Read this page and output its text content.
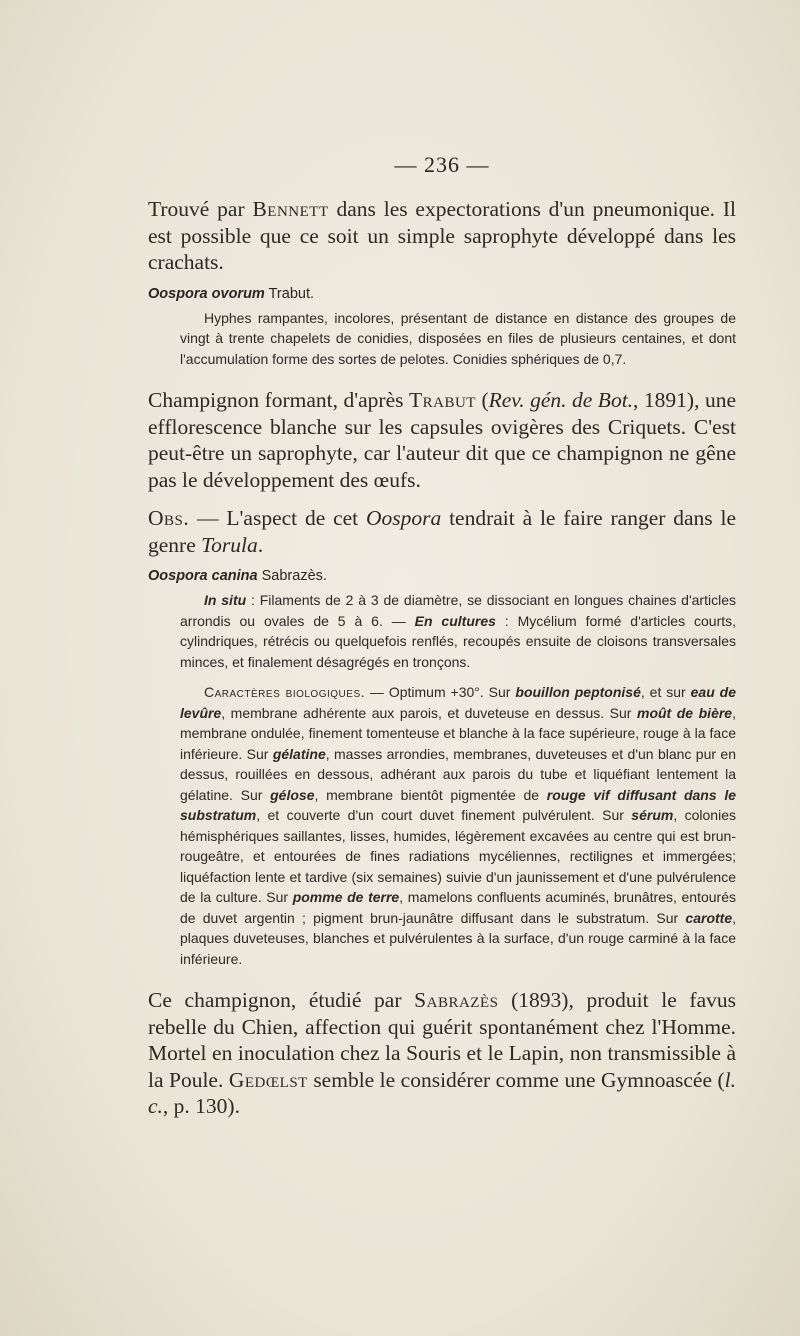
— 236 —

Trouvé par Bennett dans les expectorations d'un pneumonique. Il est possible que ce soit un simple saprophyte développé dans les crachats.

Oospora ovorum Trabut.

Hyphes rampantes, incolores, présentant de distance en distance des groupes de vingt à trente chapelets de conidies, disposées en files de plusieurs centaines, et dont l'accumulation forme des sortes de pelotes. Conidies sphériques de 0,7.

Champignon formant, d'après Trabut (Rev. gén. de Bot., 1891), une efflorescence blanche sur les capsules ovigères des Criquets. C'est peut-être un saprophyte, car l'auteur dit que ce champignon ne gêne pas le développement des œufs.

Obs. — L'aspect de cet Oospora tendrait à le faire ranger dans le genre Torula.

Oospora canina Sabrazès.

In situ : Filaments de 2 à 3 de diamètre, se dissociant en longues chaines d'articles arrondis ou ovales de 5 à 6. — En cultures : Mycélium formé d'articles courts, cylindriques, rétrécis ou quelquefois renflés, recoupés ensuite de cloisons transversales minces, et finalement désagrégés en tronçons.

Caractères biologiques. — Optimum +30°. Sur bouillon peptonisé, et sur eau de levûre, membrane adhérente aux parois, et duveteuse en dessus. Sur moût de bière, membrane ondulée, finement tomenteuse et blanche à la face supérieure, rouge à la face inférieure. Sur gélatine, masses arrondies, membranes, duveteuses et d'un blanc pur en dessus, rouillées en dessous, adhérant aux parois du tube et liquéfiant lentement la gélatine. Sur gélose, membrane bientôt pigmentée de rouge vif diffusant dans le substratum, et couverte d'un court duvet finement pulvérulent. Sur sérum, colonies hémisphériques saillantes, lisses, humides, légèrement excavées au centre qui est brun-rougeâtre, et entourées de fines radiations mycéliennes, rectilignes et immergées; liquéfaction lente et tardive (six semaines) suivie d'un jaunissement et d'une pulvérulence de la culture. Sur pomme de terre, mamelons confluents acuminés, brunâtres, entourés de duvet argentin ; pigment brun-jaunâtre diffusant dans le substratum. Sur carotte, plaques duveteuses, blanches et pulvérulentes à la surface, d'un rouge carminé à la face inférieure.

Ce champignon, étudié par Sabrazès (1893), produit le favus rebelle du Chien, affection qui guérit spontanément chez l'Homme. Mortel en inoculation chez la Souris et le Lapin, non transmissible à la Poule. Gedœlst semble le considérer comme une Gymnoascée (l. c., p. 130).
